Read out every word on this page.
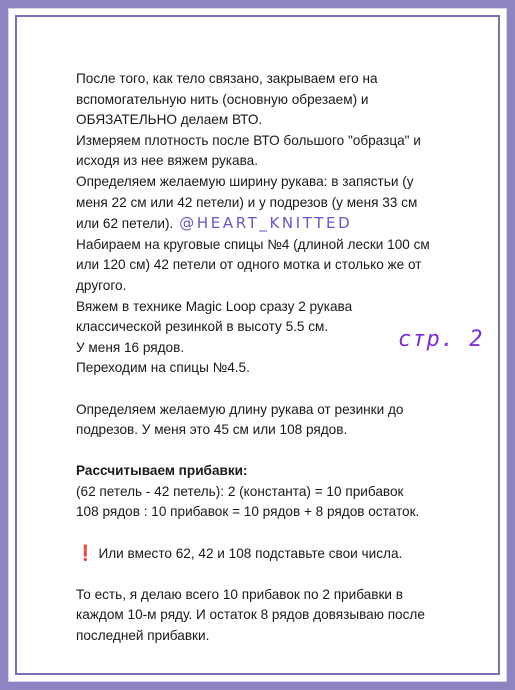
После того, как тело связано, закрываем его на вспомогательную нить (основную обрезаем) и ОБЯЗАТЕЛЬНО делаем ВТО.

Измеряем плотность после ВТО большого "образца" и исходя из нее вяжем рукава.

Определяем желаемую ширину рукава: в запястьи (у меня 22 см или 42 петели) и у подрезов (у меня 33 см или 62 петели). @HEART_KNITTED

Набираем на круговые спицы №4 (длиной лески 100 см или 120 см) 42 петели от одного мотка и столько же от другого.

Вяжем в технике Magic Loop сразу 2 рукава классической резинкой в высоту 5.5 см.

У меня 16 рядов.

Переходим на спицы №4.5.

Определяем желаемую длину рукава от резинки до подрезов. У меня это 45 см или 108 рядов.

Рассчитываем прибавки:

(62 петель - 42 петель): 2 (константа) = 10 прибавок

108 рядов : 10 прибавок = 10 рядов + 8 рядов остаток.

❗ Или вместо 62, 42 и 108 подставьте свои числа.

То есть, я делаю всего 10 прибавок по 2 прибавки в каждом 10-м ряду. И остаток 8 рядов довязываю после последней прибавки.

стр. 2
